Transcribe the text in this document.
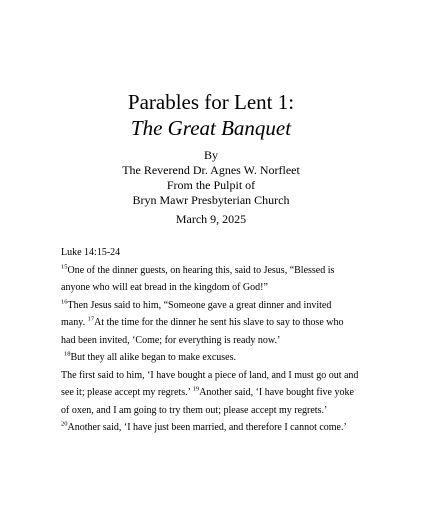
Parables for Lent 1:
The Great Banquet
By
The Reverend Dr. Agnes W. Norfleet
From the Pulpit of
Bryn Mawr Presbyterian Church
March 9, 2025
Luke 14:15-24
$^{15}$One of the dinner guests, on hearing this, said to Jesus, “Blessed is
anyone who will eat bread in the kingdom of God!”
$^{16}$Then Jesus said to him, “Someone gave a great dinner and invited
many. $^{17}$At the time for the dinner he sent his slave to say to those who
had been invited, ‘Come; for everything is ready now.’
$^{18}$But they all alike began to make excuses.
The first said to him, ‘I have bought a piece of land, and I must go out and
see it; please accept my regrets.’ $^{19}$Another said, ‘I have bought five yoke
of oxen, and I am going to try them out; please accept my regrets.’
$^{20}$Another said, ‘I have just been married, and therefore I cannot come.’
